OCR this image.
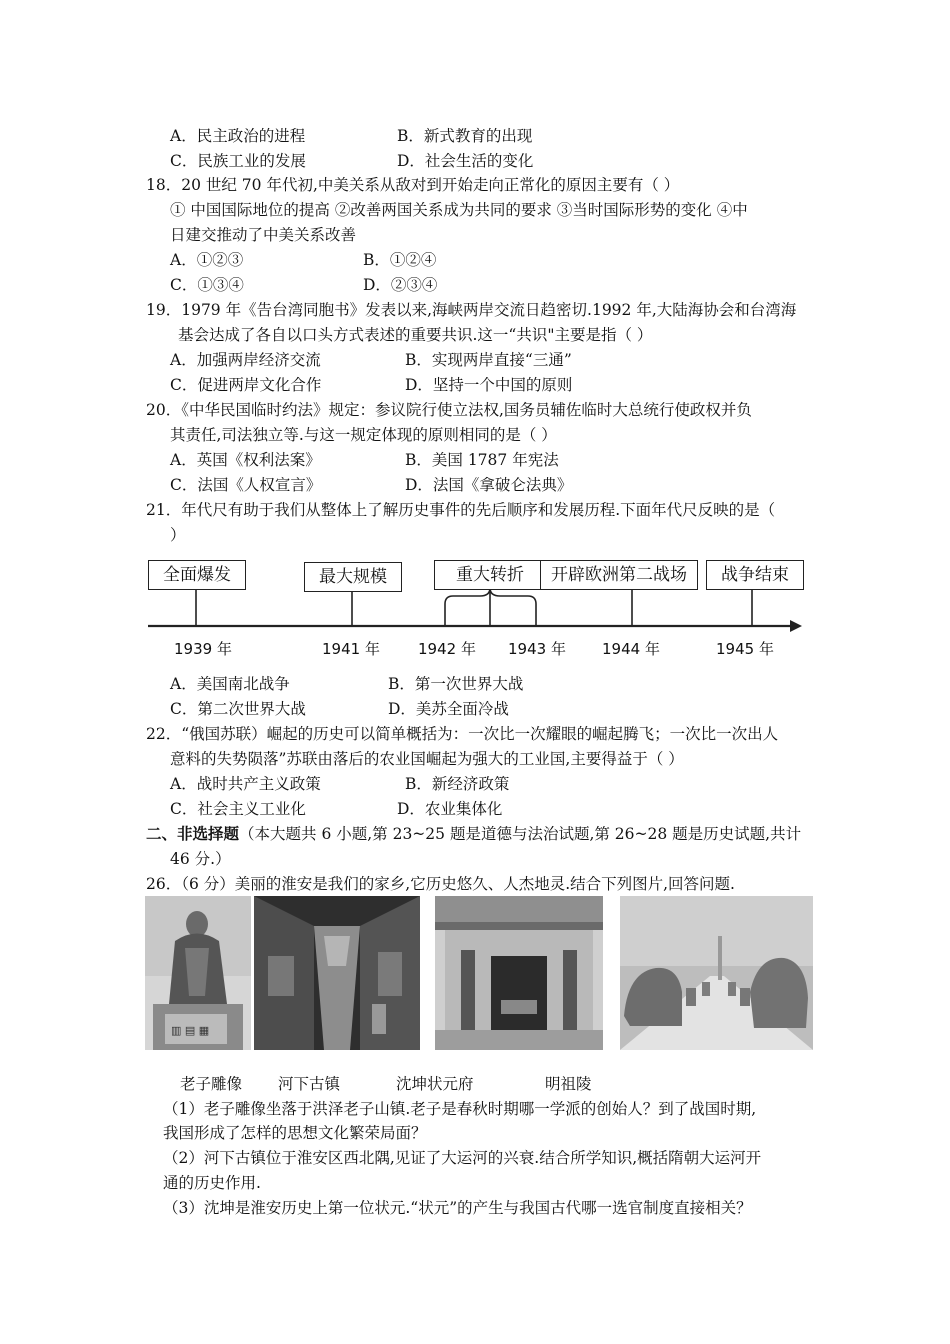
A．民主政治的进程	B．新式教育的出现
C．民族工业的发展	D．社会生活的变化
18．20 世纪 70 年代初,中美关系从敌对到开始走向正常化的原因主要有（ ）
① 中国国际地位的提高 ②改善两国关系成为共同的要求 ③当时国际形势的变化 ④中
日建交推动了中美关系改善
A．①②③	B．①②④
C．①③④	D．②③④
19．1979 年《告台湾同胞书》发表以来,海峡两岸交流日趋密切.1992 年,大陆海协会和台湾海
基会达成了各自以口头方式表述的重要共识.这一“共识"主要是指（ ）
A．加强两岸经济交流	B．实现两岸直接“三通”
C．促进两岸文化合作	D．坚持一个中国的原则
20．《中华民国临时约法》规定：参议院行使立法权,国务员辅佐临时大总统行使政权并负
其责任,司法独立等.与这一规定体现的原则相同的是（ ）
A．英国《权利法案》	B．美国 1787 年宪法
C．法国《人权宣言》	D．法国《拿破仑法典》
21．年代尺有助于我们从整体上了解历史事件的先后顺序和发展历程.下面年代尺反映的是（
）
全面爆发	最大规模	重大转折	开辟欧洲第二战场	战争结束
1939 年	1941 年	1942 年 1943 年 1944 年	1945 年
A．美国南北战争	B．第一次世界大战
C．第二次世界大战	D．美苏全面冷战
22．“俄国苏联）崛起的历史可以简单概括为：一次比一次耀眼的崛起腾飞；一次比一次出人
意料的失势陨落”苏联由落后的农业国崛起为强大的工业国,主要得益于（ ）
A．战时共产主义政策	B．新经济政策
C．社会主义工业化	D．农业集体化
二、非选择题（本大题共 6 小题,第 23~25 题是道德与法治试题,第 26~28 题是历史试题,共计
46 分.）
26．（6 分）美丽的淮安是我们的家乡,它历史悠久、人杰地灵.结合下列图片,回答问题.
▥ ▤ ▦
老子雕像 河下古镇	沈坤状元府	明祖陵
（1）老子雕像坐落于洪泽老子山镇.老子是春秋时期哪一学派的创始人？到了战国时期,
我国形成了怎样的思想文化繁荣局面？
（2）河下古镇位于淮安区西北隅,见证了大运河的兴衰.结合所学知识,概括隋朝大运河开
通的历史作用.
（3）沈坤是淮安历史上第一位状元.“状元”的产生与我国古代哪一选官制度直接相关？
